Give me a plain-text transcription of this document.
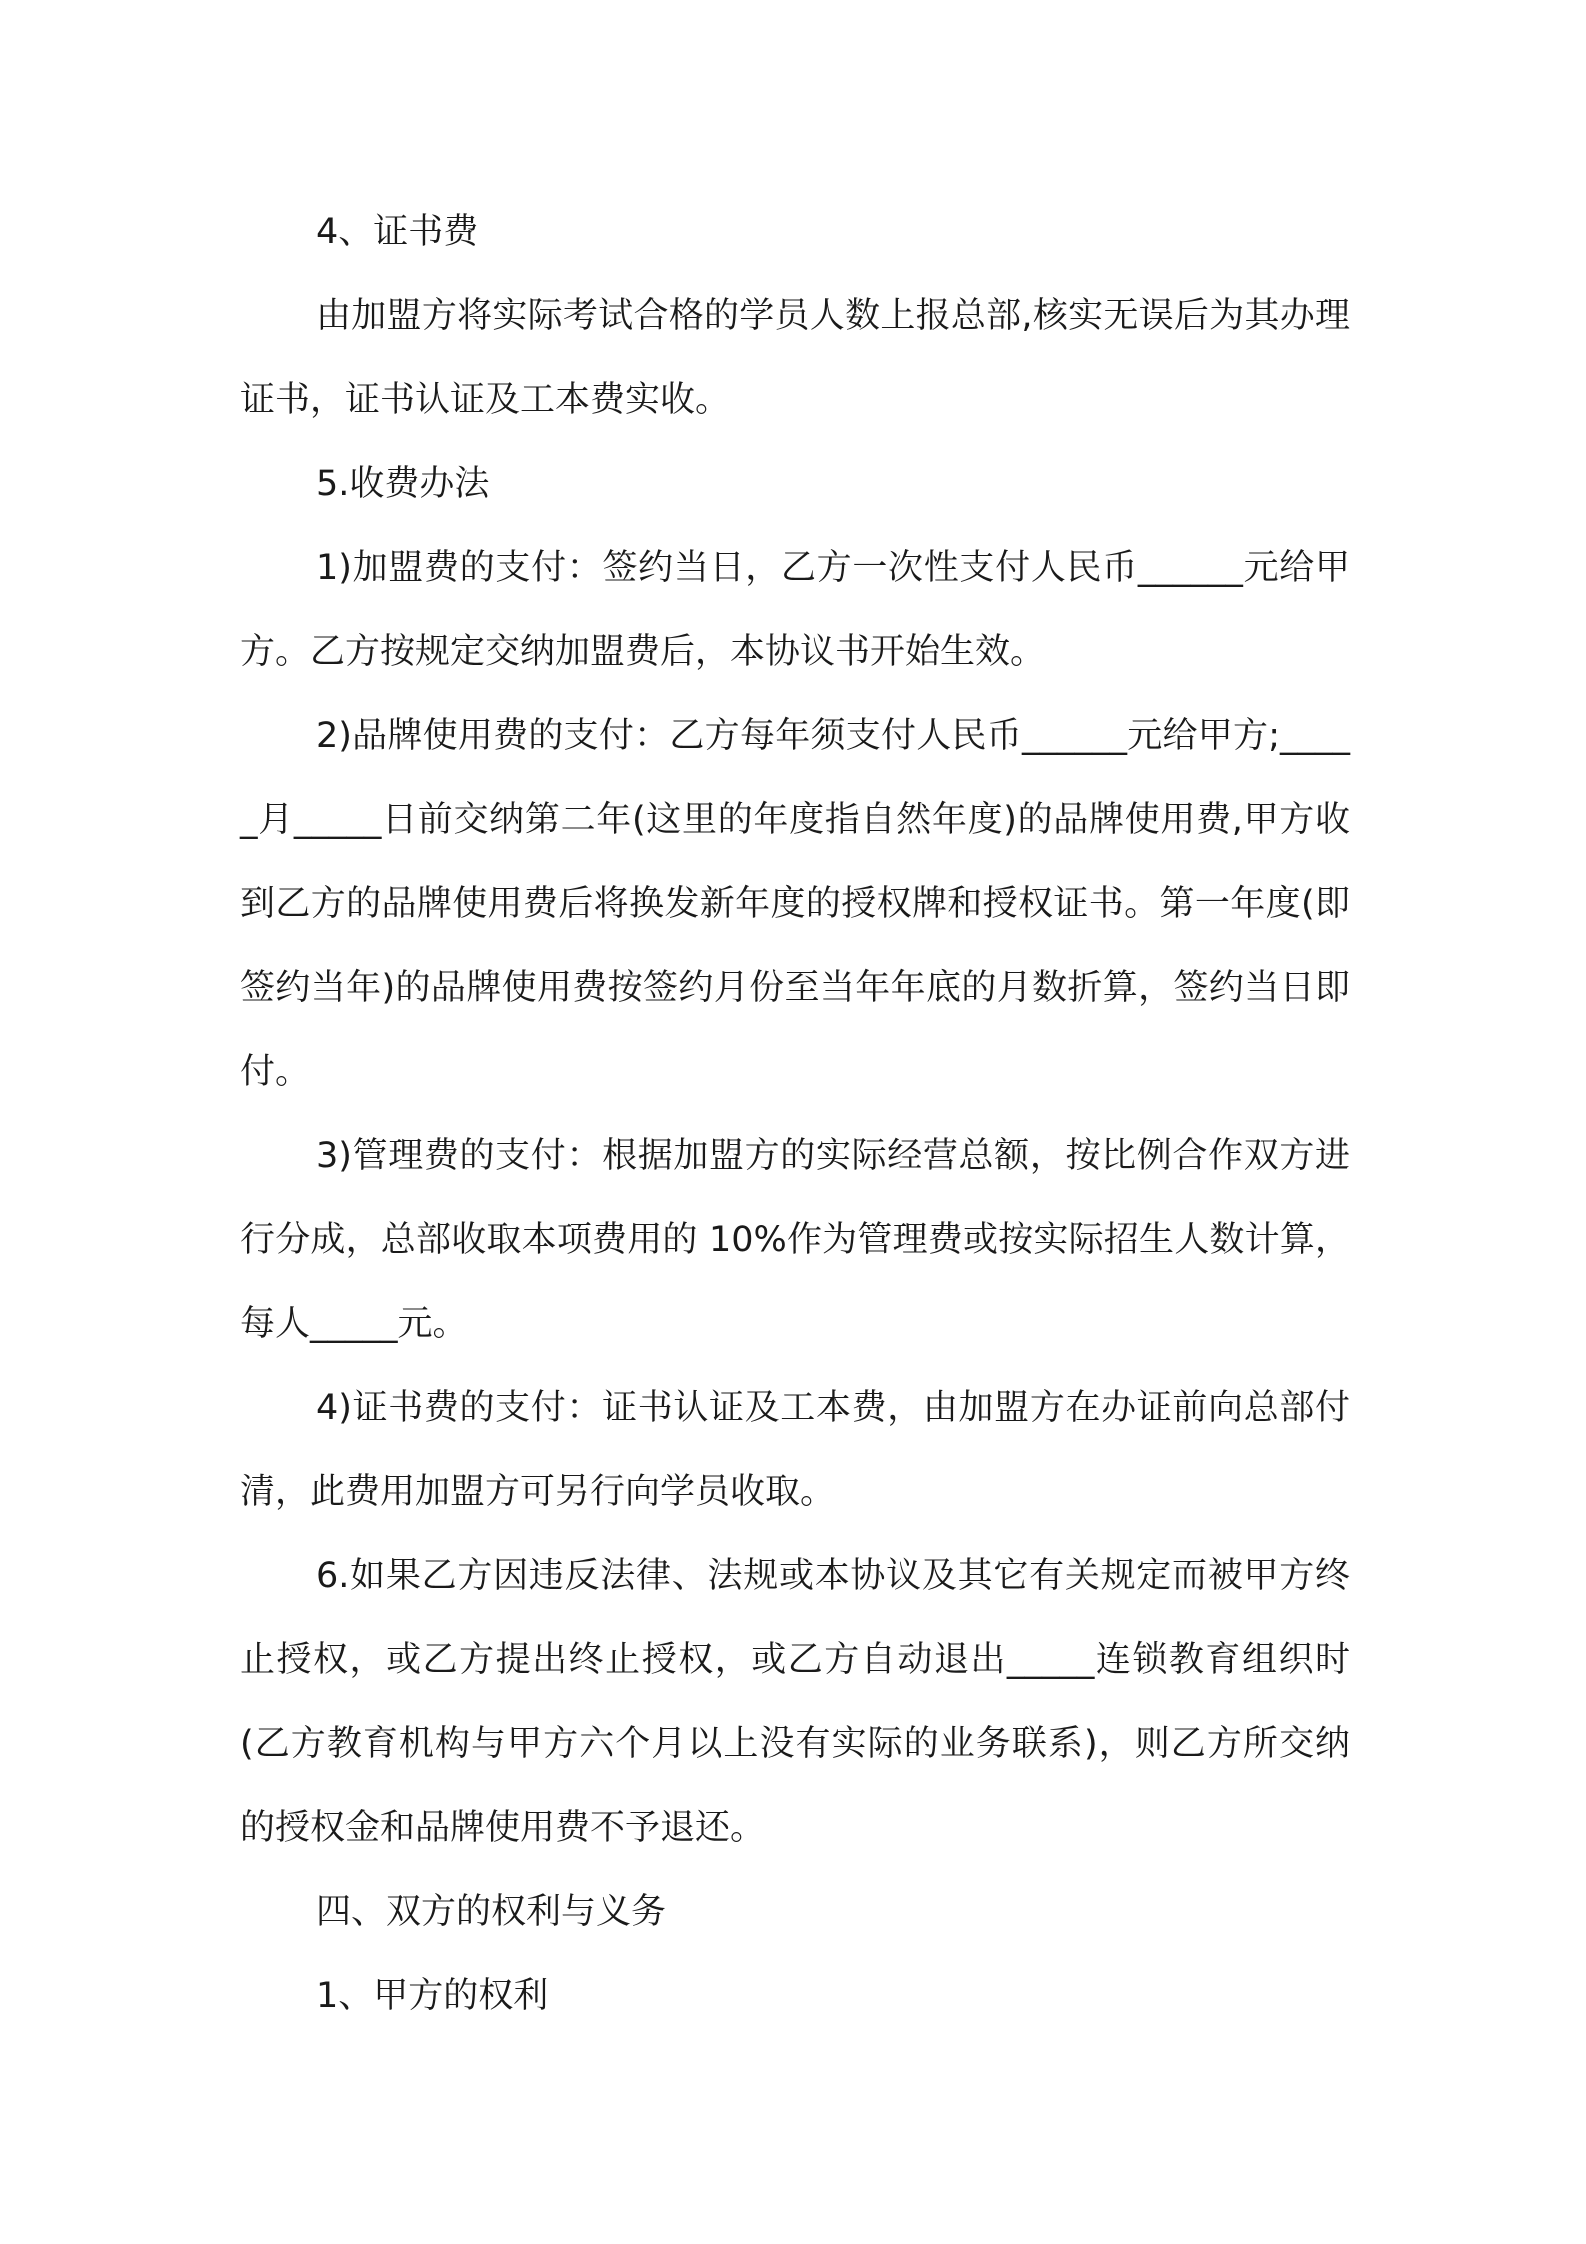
4、证书费

由加盟方将实际考试合格的学员人数上报总部,核实无误后为其办理证书，证书认证及工本费实收。

5.收费办法

1)加盟费的支付：签约当日，乙方一次性支付人民币______元给甲方。乙方按规定交纳加盟费后，本协议书开始生效。

2)品牌使用费的支付：乙方每年须支付人民币______元给甲方;_____月_____日前交纳第二年(这里的年度指自然年度)的品牌使用费,甲方收到乙方的品牌使用费后将换发新年度的授权牌和授权证书。第一年度(即签约当年)的品牌使用费按签约月份至当年年底的月数折算，签约当日即付。

3)管理费的支付：根据加盟方的实际经营总额，按比例合作双方进行分成，总部收取本项费用的 10%作为管理费或按实际招生人数计算，每人_____元。

4)证书费的支付：证书认证及工本费，由加盟方在办证前向总部付清，此费用加盟方可另行向学员收取。

6.如果乙方因违反法律、法规或本协议及其它有关规定而被甲方终止授权，或乙方提出终止授权，或乙方自动退出_____连锁教育组织时(乙方教育机构与甲方六个月以上没有实际的业务联系)，则乙方所交纳的授权金和品牌使用费不予退还。

四、双方的权利与义务

1、甲方的权利
